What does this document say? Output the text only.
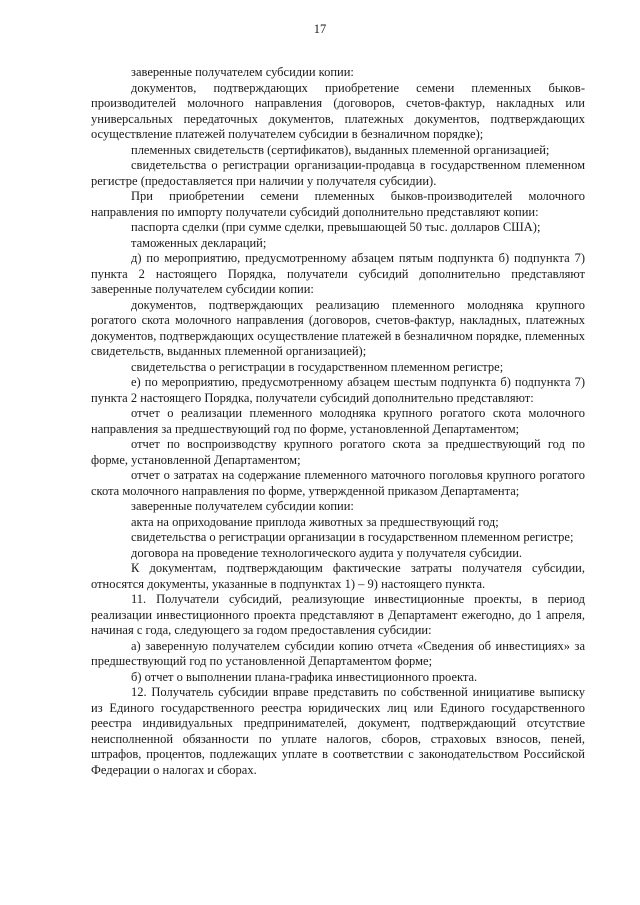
17

заверенные получателем субсидии копии:

документов, подтверждающих приобретение семени племенных быков-производителей молочного направления (договоров, счетов-фактур, накладных или универсальных передаточных документов, платежных документов, подтверждающих осуществление платежей получателем субсидии в безналичном порядке);

племенных свидетельств (сертификатов), выданных племенной организацией;

свидетельства о регистрации организации-продавца в государственном племенном регистре (предоставляется при наличии у получателя субсидии).

При приобретении семени племенных быков-производителей молочного направления по импорту получатели субсидий дополнительно представляют копии:

паспорта сделки (при сумме сделки, превышающей 50 тыс. долларов США);

таможенных деклараций;

д) по мероприятию, предусмотренному абзацем пятым подпункта б) подпункта 7) пункта 2 настоящего Порядка, получатели субсидий дополнительно представляют заверенные получателем субсидии копии:

документов, подтверждающих реализацию племенного молодняка крупного рогатого скота молочного направления (договоров, счетов-фактур, накладных, платежных документов, подтверждающих осуществление платежей в безналичном порядке, племенных свидетельств, выданных племенной организацией);

свидетельства о регистрации в государственном племенном регистре;

е) по мероприятию, предусмотренному абзацем шестым подпункта б) подпункта 7) пункта 2 настоящего Порядка, получатели субсидий дополнительно представляют:

отчет о реализации племенного молодняка крупного рогатого скота молочного направления за предшествующий год по форме, установленной Департаментом;

отчет по воспроизводству крупного рогатого скота за предшествующий год по форме, установленной Департаментом;

отчет о затратах на содержание племенного маточного поголовья крупного рогатого скота молочного направления по форме, утвержденной приказом Департамента;

заверенные получателем субсидии копии:

акта на оприходование приплода животных за предшествующий год;

свидетельства о регистрации организации в государственном племенном регистре;

договора на проведение технологического аудита у получателя субсидии.

К документам, подтверждающим фактические затраты получателя субсидии, относятся документы, указанные в подпунктах 1) – 9) настоящего пункта.

11. Получатели субсидий, реализующие инвестиционные проекты, в период реализации инвестиционного проекта представляют в Департамент ежегодно, до 1 апреля, начиная с года, следующего за годом предоставления субсидии:

а) заверенную получателем субсидии копию отчета «Сведения об инвестициях» за предшествующий год по установленной Департаментом форме;

б) отчет о выполнении плана-графика инвестиционного проекта.

12. Получатель субсидии вправе представить по собственной инициативе выписку из Единого государственного реестра юридических лиц или Единого государственного реестра индивидуальных предпринимателей, документ, подтверждающий отсутствие неисполненной обязанности по уплате налогов, сборов, страховых взносов, пеней, штрафов, процентов, подлежащих уплате в соответствии с законодательством Российской Федерации о налогах и сборах.
